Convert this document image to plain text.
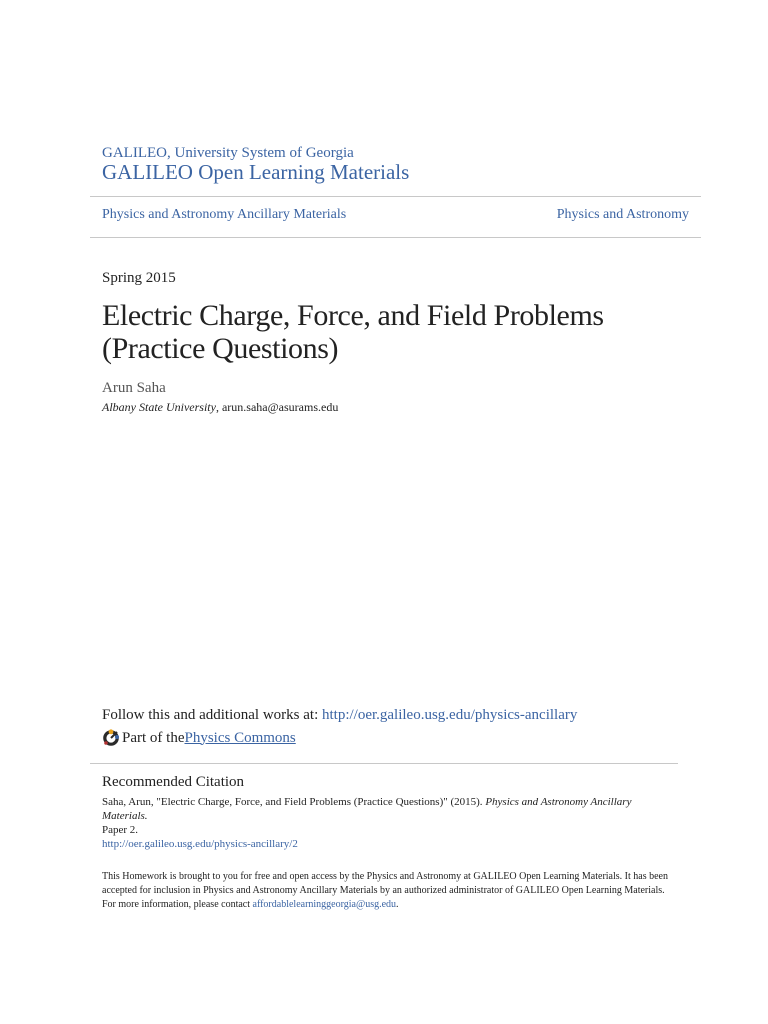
GALILEO, University System of Georgia
GALILEO Open Learning Materials
Physics and Astronomy Ancillary Materials	Physics and Astronomy
Spring 2015
Electric Charge, Force, and Field Problems (Practice Questions)
Arun Saha
Albany State University, arun.saha@asurams.edu
Follow this and additional works at: http://oer.galileo.usg.edu/physics-ancillary
Part of the Physics Commons
Recommended Citation
Saha, Arun, "Electric Charge, Force, and Field Problems (Practice Questions)" (2015). Physics and Astronomy Ancillary Materials.
Paper 2.
http://oer.galileo.usg.edu/physics-ancillary/2
This Homework is brought to you for free and open access by the Physics and Astronomy at GALILEO Open Learning Materials. It has been accepted for inclusion in Physics and Astronomy Ancillary Materials by an authorized administrator of GALILEO Open Learning Materials. For more information, please contact affordablelearninggeorgia@usg.edu.
